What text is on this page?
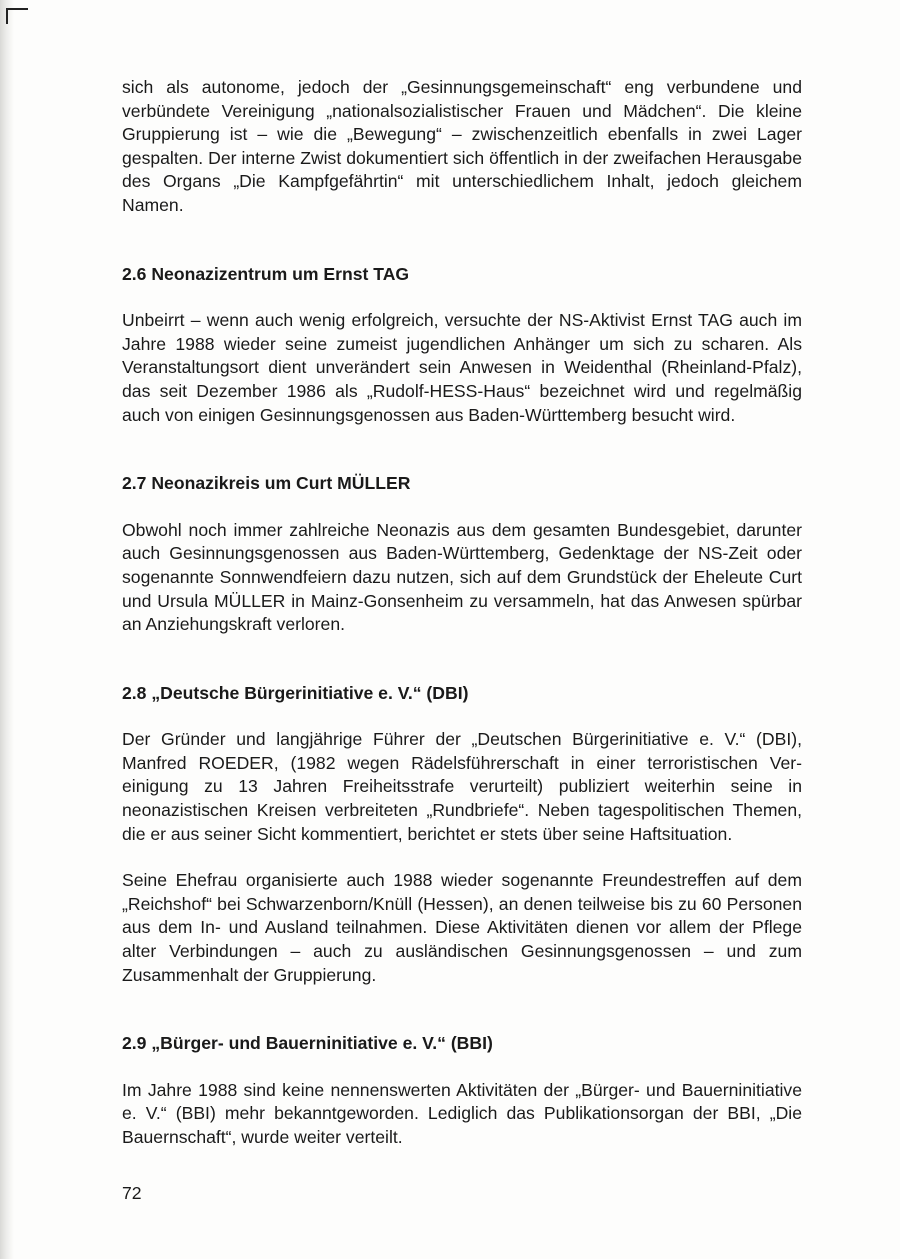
sich als autonome, jedoch der „Gesinnungsgemeinschaft“ eng verbundene und verbündete Vereinigung „nationalsozialistischer Frauen und Mädchen“. Die kleine Gruppierung ist – wie die „Bewegung“ – zwischenzeitlich ebenfalls in zwei Lager gespalten. Der interne Zwist dokumentiert sich öffentlich in der zweifachen Herausgabe des Organs „Die Kampfgefährtin“ mit unterschiedlichem Inhalt, jedoch gleichem Namen.

2.6 Neonazizentrum um Ernst TAG

Unbeirrt – wenn auch wenig erfolgreich, versuchte der NS-Aktivist Ernst TAG auch im Jahre 1988 wieder seine zumeist jugendlichen Anhänger um sich zu scharen. Als Veranstaltungsort dient unverändert sein Anwesen in Weidenthal (Rheinland-Pfalz), das seit Dezember 1986 als „Rudolf-HESS-Haus“ bezeichnet wird und regelmäßig auch von einigen Gesinnungsgenossen aus Baden-Württemberg besucht wird.

2.7 Neonazikreis um Curt MÜLLER

Obwohl noch immer zahlreiche Neonazis aus dem gesamten Bundesgebiet, darunter auch Gesinnungsgenossen aus Baden-Württemberg, Gedenktage der NS-Zeit oder sogenannte Sonnwendfeiern dazu nutzen, sich auf dem Grundstück der Eheleute Curt und Ursula MÜLLER in Mainz-Gonsenheim zu versammeln, hat das Anwesen spürbar an Anziehungskraft verloren.

2.8 „Deutsche Bürgerinitiative e. V.“ (DBI)

Der Gründer und langjährige Führer der „Deutschen Bürgerinitiative e. V.“ (DBI), Manfred ROEDER, (1982 wegen Rädelsführerschaft in einer terroristischen Vereinigung zu 13 Jahren Freiheitsstrafe verurteilt) publiziert weiterhin seine in neonazistischen Kreisen verbreiteten „Rundbriefe“. Neben tagespolitischen Themen, die er aus seiner Sicht kommentiert, berichtet er stets über seine Haftsituation.

Seine Ehefrau organisierte auch 1988 wieder sogenannte Freundestreffen auf dem „Reichshof“ bei Schwarzenborn/Knüll (Hessen), an denen teilweise bis zu 60 Personen aus dem In- und Ausland teilnahmen. Diese Aktivitäten dienen vor allem der Pflege alter Verbindungen – auch zu ausländischen Gesinnungsgenossen – und zum Zusammenhalt der Gruppierung.

2.9 „Bürger- und Bauerninitiative e. V.“ (BBI)

Im Jahre 1988 sind keine nennenswerten Aktivitäten der „Bürger- und Bauerninitiative e. V.“ (BBI) mehr bekanntgeworden. Lediglich das Publikationsorgan der BBI, „Die Bauernschaft“, wurde weiter verteilt.

72
